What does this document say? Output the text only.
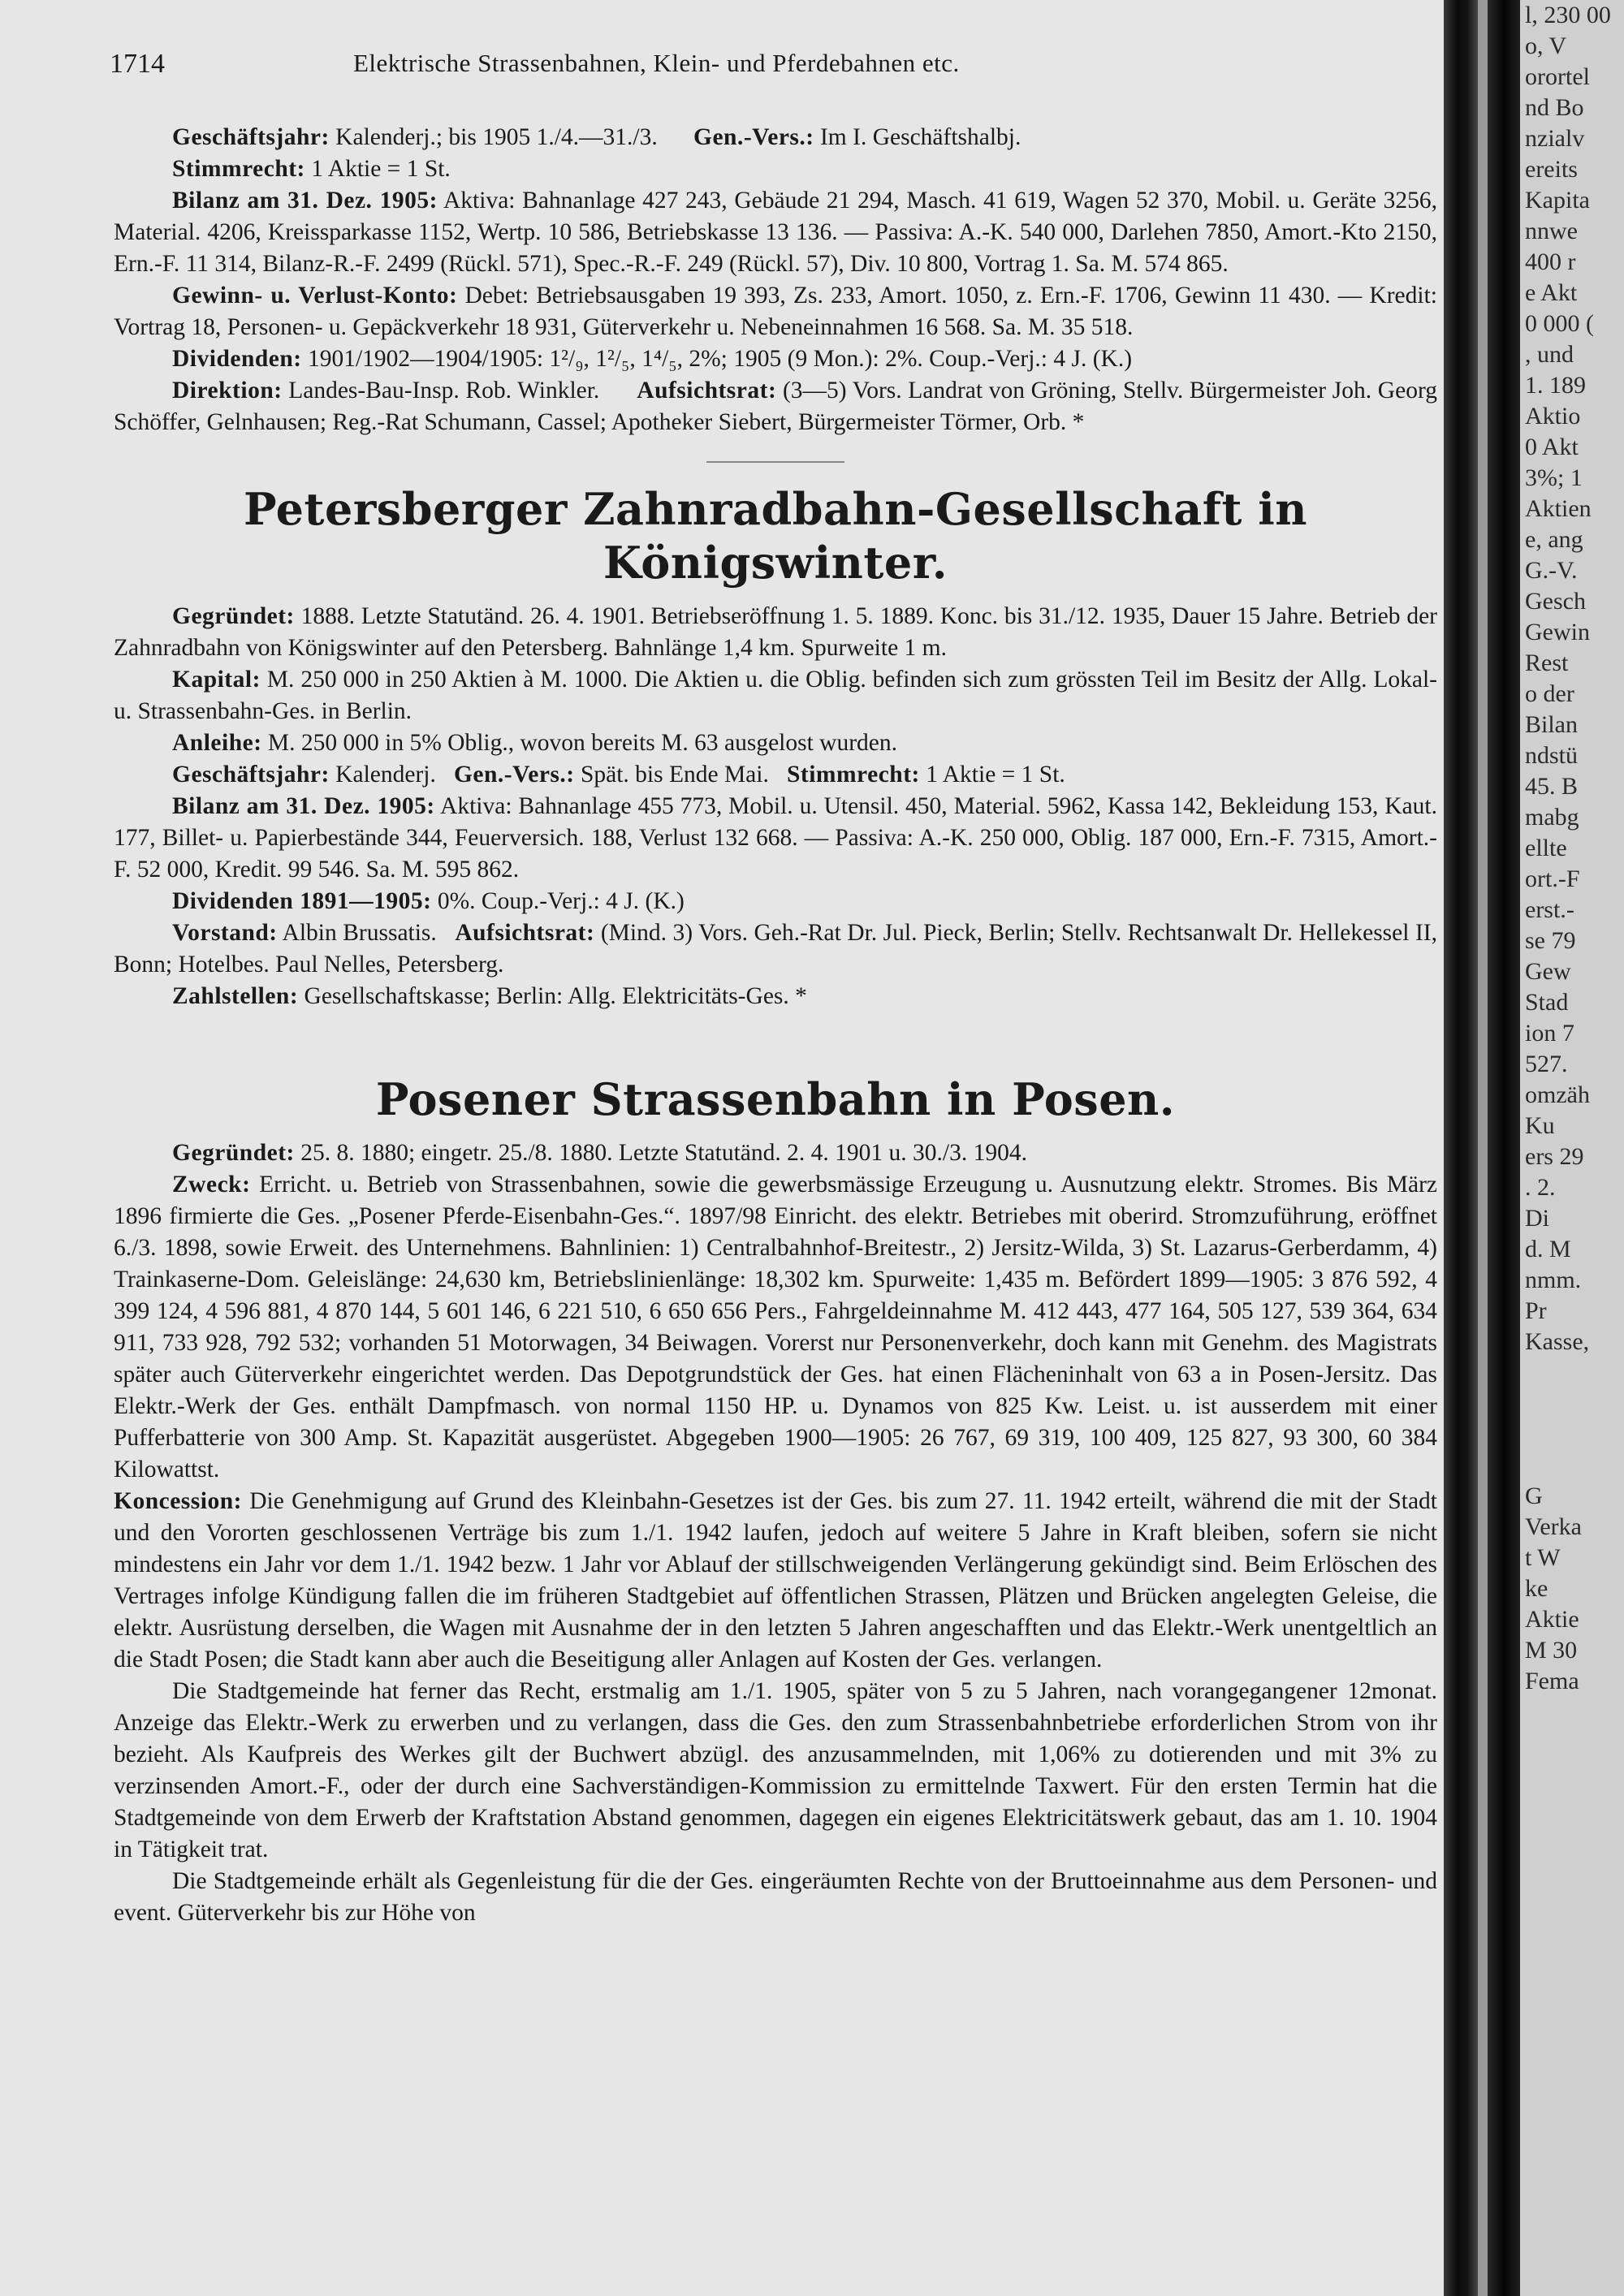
1714	Elektrische Strassenbahnen, Klein- und Pferdebahnen etc.

Geschäftsjahr: Kalenderj.; bis 1905 1./4.—31./3. Gen.-Vers.: Im I. Geschäftshalbj.

Stimmrecht: 1 Aktie = 1 St.

Bilanz am 31. Dez. 1905: Aktiva: Bahnanlage 427 243, Gebäude 21 294, Masch. 41 619, Wagen 52 370, Mobil. u. Geräte 3256, Material. 4206, Kreissparkasse 1152, Wertp. 10 586, Betriebskasse 13 136. — Passiva: A.-K. 540 000, Darlehen 7850, Amort.-Kto 2150, Ern.-F. 11 314, Bilanz-R.-F. 2499 (Rückl. 571), Spec.-R.-F. 249 (Rückl. 57), Div. 10 800, Vortrag 1. Sa. M. 574 865.

Gewinn- u. Verlust-Konto: Debet: Betriebsausgaben 19 393, Zs. 233, Amort. 1050, z. Ern.-F. 1706, Gewinn 11 430. — Kredit: Vortrag 18, Personen- u. Gepäckverkehr 18 931, Güterverkehr u. Nebeneinnahmen 16 568. Sa. M. 35 518.

Dividenden: 1901/1902—1904/1905: 1²/₉, 1²/₅, 1⁴/₅, 2%; 1905 (9 Mon.): 2%. Coup.-Verj.: 4 J. (K.)

Direktion: Landes-Bau-Insp. Rob. Winkler. Aufsichtsrat: (3—5) Vors. Landrat von Gröning, Stellv. Bürgermeister Joh. Georg Schöffer, Gelnhausen; Reg.-Rat Schumann, Cassel; Apotheker Siebert, Bürgermeister Törmer, Orb. *

Petersberger Zahnradbahn-Gesellschaft in Königswinter.

Gegründet: 1888. Letzte Statutänd. 26. 4. 1901. Betriebseröffnung 1. 5. 1889. Konc. bis 31./12. 1935, Dauer 15 Jahre. Betrieb der Zahnradbahn von Königswinter auf den Petersberg. Bahnlänge 1,4 km. Spurweite 1 m.

Kapital: M. 250 000 in 250 Aktien à M. 1000. Die Aktien u. die Oblig. befinden sich zum grössten Teil im Besitz der Allg. Lokal- u. Strassenbahn-Ges. in Berlin.

Anleihe: M. 250 000 in 5% Oblig., wovon bereits M. 63 ausgelost wurden.

Geschäftsjahr: Kalenderj. Gen.-Vers.: Spät. bis Ende Mai. Stimmrecht: 1 Aktie = 1 St.

Bilanz am 31. Dez. 1905: Aktiva: Bahnanlage 455 773, Mobil. u. Utensil. 450, Material. 5962, Kassa 142, Bekleidung 153, Kaut. 177, Billet- u. Papierbestände 344, Feuerversich. 188, Verlust 132 668. — Passiva: A.-K. 250 000, Oblig. 187 000, Ern.-F. 7315, Amort.-F. 52 000, Kredit. 99 546. Sa. M. 595 862.

Dividenden 1891—1905: 0%. Coup.-Verj.: 4 J. (K.)

Vorstand: Albin Brussatis. Aufsichtsrat: (Mind. 3) Vors. Geh.-Rat Dr. Jul. Pieck, Berlin; Stellv. Rechtsanwalt Dr. Hellekessel II, Bonn; Hotelbes. Paul Nelles, Petersberg.

Zahlstellen: Gesellschaftskasse; Berlin: Allg. Elektricitäts-Ges. *

Posener Strassenbahn in Posen.

Gegründet: 25. 8. 1880; eingetr. 25./8. 1880. Letzte Statutänd. 2. 4. 1901 u. 30./3. 1904.

Zweck: Erricht. u. Betrieb von Strassenbahnen, sowie die gewerbsmässige Erzeugung u. Ausnutzung elektr. Stromes. Bis März 1896 firmierte die Ges. „Posener Pferde-Eisenbahn-Ges.“. 1897/98 Einricht. des elektr. Betriebes mit oberird. Stromzuführung, eröffnet 6./3. 1898, sowie Erweit. des Unternehmens. Bahnlinien: 1) Centralbahnhof-Breitestr., 2) Jersitz-Wilda, 3) St. Lazarus-Gerberdamm, 4) Trainkaserne-Dom. Geleislänge: 24,630 km, Betriebslinienlänge: 18,302 km. Spurweite: 1,435 m. Befördert 1899—1905: 3 876 592, 4 399 124, 4 596 881, 4 870 144, 5 601 146, 6 221 510, 6 650 656 Pers., Fahrgeldeinnahme M. 412 443, 477 164, 505 127, 539 364, 634 911, 733 928, 792 532; vorhanden 51 Motorwagen, 34 Beiwagen. Vorerst nur Personenverkehr, doch kann mit Genehm. des Magistrats später auch Güterverkehr eingerichtet werden. Das Depotgrundstück der Ges. hat einen Flächeninhalt von 63 a in Posen-Jersitz. Das Elektr.-Werk der Ges. enthält Dampfmasch. von normal 1150 HP. u. Dynamos von 825 Kw. Leist. u. ist ausserdem mit einer Pufferbatterie von 300 Amp. St. Kapazität ausgerüstet. Abgegeben 1900—1905: 26 767, 69 319, 100 409, 125 827, 93 300, 60 384 Kilowattst.

Koncession: Die Genehmigung auf Grund des Kleinbahn-Gesetzes ist der Ges. bis zum 27. 11. 1942 erteilt, während die mit der Stadt und den Vororten geschlossenen Verträge bis zum 1./1. 1942 laufen, jedoch auf weitere 5 Jahre in Kraft bleiben, sofern sie nicht mindestens ein Jahr vor dem 1./1. 1942 bezw. 1 Jahr vor Ablauf der stillschweigenden Verlängerung gekündigt sind. Beim Erlöschen des Vertrages infolge Kündigung fallen die im früheren Stadtgebiet auf öffentlichen Strassen, Plätzen und Brücken angelegten Geleise, die elektr. Ausrüstung derselben, die Wagen mit Ausnahme der in den letzten 5 Jahren angeschafften und das Elektr.-Werk unentgeltlich an die Stadt Posen; die Stadt kann aber auch die Beseitigung aller Anlagen auf Kosten der Ges. verlangen.

Die Stadtgemeinde hat ferner das Recht, erstmalig am 1./1. 1905, später von 5 zu 5 Jahren, nach vorangegangener 12monat. Anzeige das Elektr.-Werk zu erwerben und zu verlangen, dass die Ges. den zum Strassenbahnbetriebe erforderlichen Strom von ihr bezieht. Als Kaufpreis des Werkes gilt der Buchwert abzügl. des anzusammelnden, mit 1,06% zu dotierenden und mit 3% zu verzinsenden Amort.-F., oder der durch eine Sachverständigen-Kommission zu ermittelnde Taxwert. Für den ersten Termin hat die Stadtgemeinde von dem Erwerb der Kraftstation Abstand genommen, dagegen ein eigenes Elektricitätswerk gebaut, das am 1. 10. 1904 in Tätigkeit trat.

Die Stadtgemeinde erhält als Gegenleistung für die der Ges. eingeräumten Rechte von der Bruttoeinnahme aus dem Personen- und event. Güterverkehr bis zur Höhe von

l, 230 00
o, V
orortel
nd Bo
nzialv
ereits
Kapita
nnwe
400 r
e Akt
0 000 (
, und
1. 189
Aktio
0 Akt
3%; 1
Aktien
e, ang
G.-V.
Gesch
Gewin
Rest
o der
Bilan
ndstü
45. B
mabg
ellte
ort.-F
erst.-
se 79
Gew
Stad
ion 7
527.
omzäh
Ku
ers 29
. 2.
Di
d. M
nmm.
Pr
Kasse,

G
Verka
t W
ke
Aktie
M 30
Fema
